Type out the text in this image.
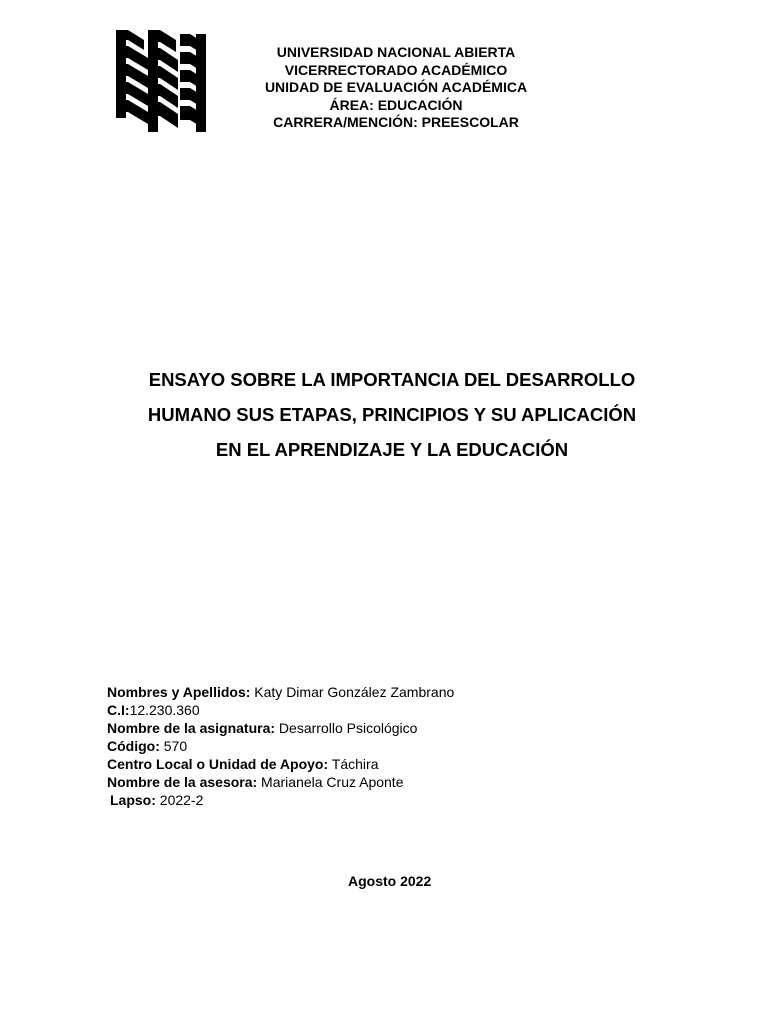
UNIVERSIDAD NACIONAL ABIERTA
VICERRECTORADO ACADÉMICO
UNIDAD DE EVALUACIÓN ACADÉMICA
ÁREA: EDUCACIÓN
CARRERA/MENCIÓN: PREESCOLAR
ENSAYO SOBRE LA IMPORTANCIA DEL DESARROLLO
HUMANO SUS ETAPAS, PRINCIPIOS Y SU APLICACIÓN
EN EL APRENDIZAJE Y LA EDUCACIÓN
Nombres y Apellidos: Katy Dimar González Zambrano
C.I:12.230.360
Nombre de la asignatura: Desarrollo Psicológico
Código: 570
Centro Local o Unidad de Apoyo: Táchira
Nombre de la asesora: Marianela Cruz Aponte
Lapso: 2022-2
Agosto 2022
